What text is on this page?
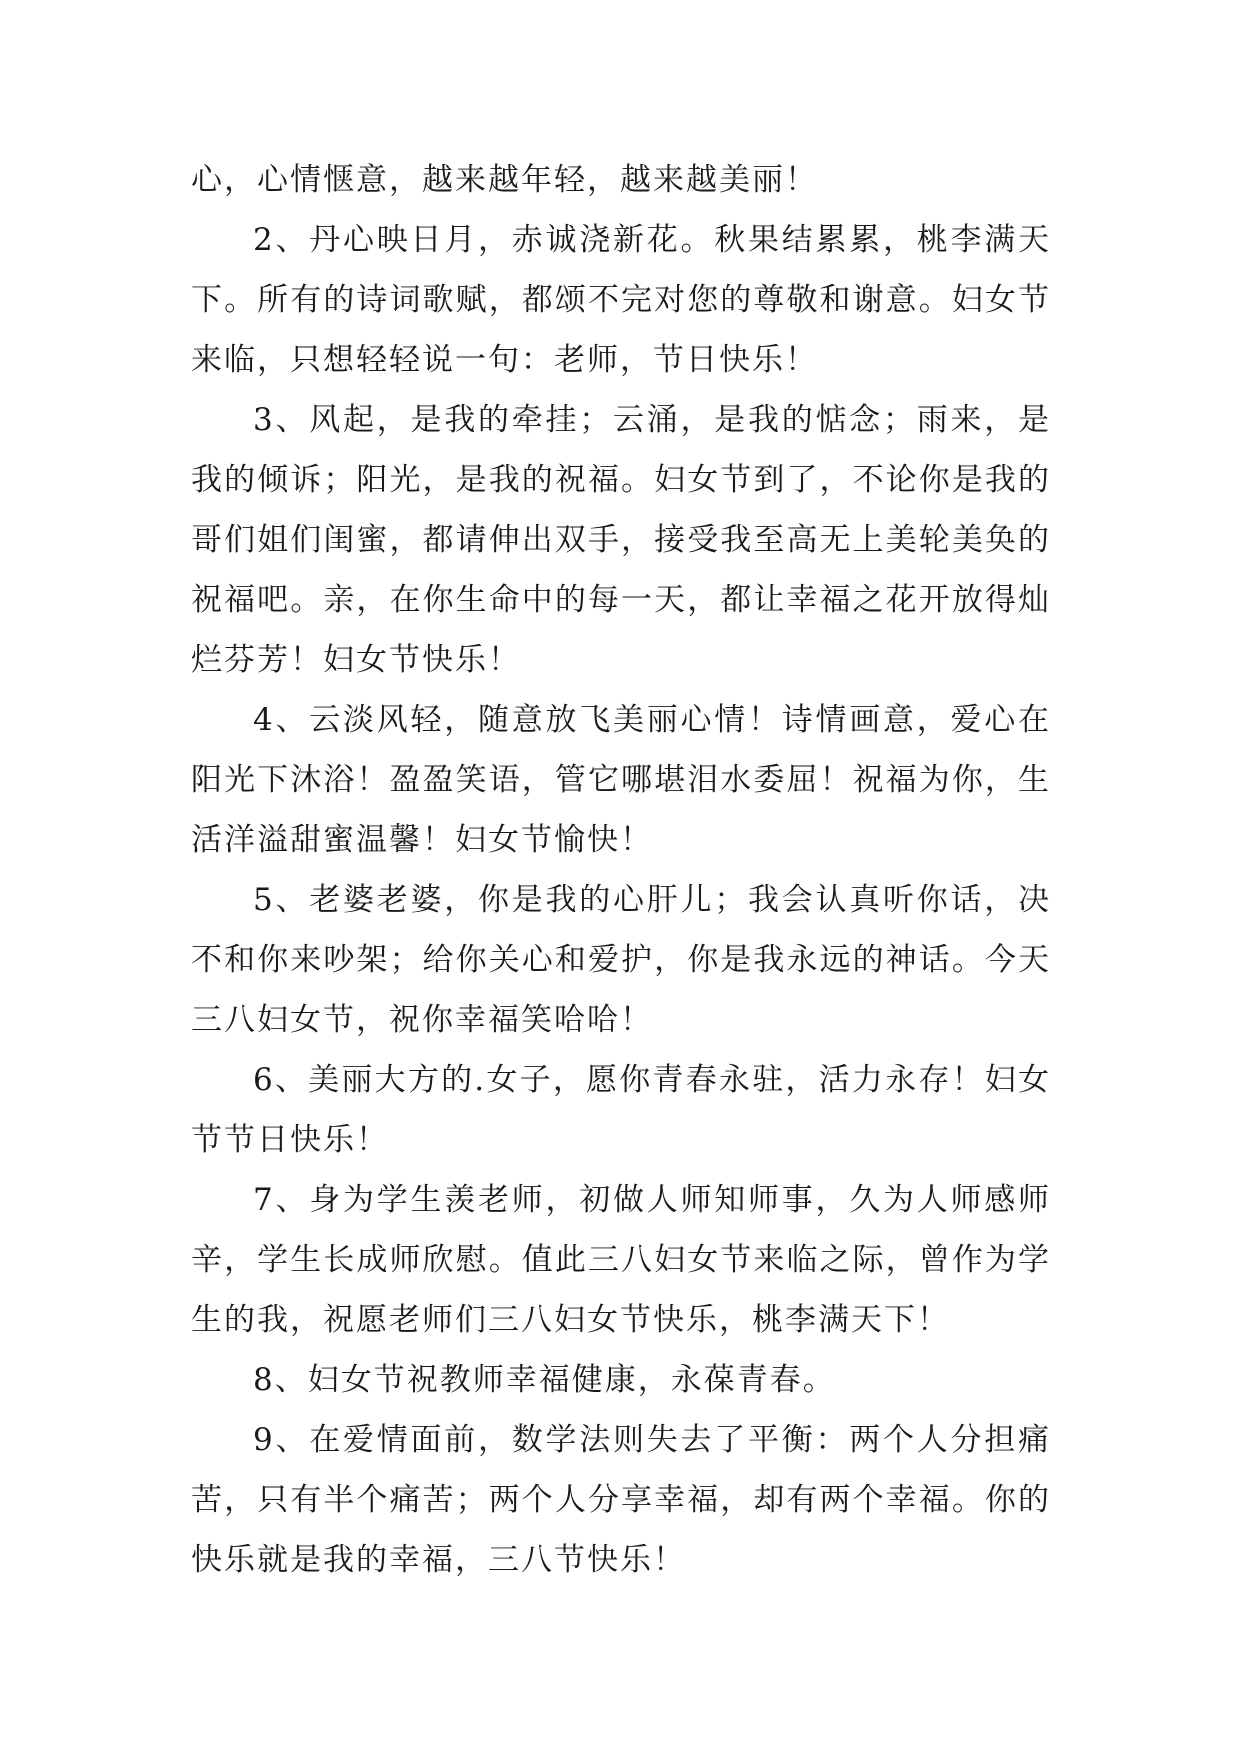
心，心情惬意，越来越年轻，越来越美丽！

2、丹心映日月，赤诚浇新花。秋果结累累，桃李满天下。所有的诗词歌赋，都颂不完对您的尊敬和谢意。妇女节来临，只想轻轻说一句：老师，节日快乐！

3、风起，是我的牵挂；云涌，是我的惦念；雨来，是我的倾诉；阳光，是我的祝福。妇女节到了，不论你是我的哥们姐们闺蜜，都请伸出双手，接受我至高无上美轮美奂的祝福吧。亲，在你生命中的每一天，都让幸福之花开放得灿烂芬芳！妇女节快乐！

4、云淡风轻，随意放飞美丽心情！诗情画意，爱心在阳光下沐浴！盈盈笑语，管它哪堪泪水委屈！祝福为你，生活洋溢甜蜜温馨！妇女节愉快！

5、老婆老婆，你是我的心肝儿；我会认真听你话，决不和你来吵架；给你关心和爱护，你是我永远的神话。今天三八妇女节，祝你幸福笑哈哈！

6、美丽大方的.女子，愿你青春永驻，活力永存！妇女节节日快乐！

7、身为学生羡老师，初做人师知师事，久为人师感师辛，学生长成师欣慰。值此三八妇女节来临之际，曾作为学生的我，祝愿老师们三八妇女节快乐，桃李满天下！

8、妇女节祝教师幸福健康，永葆青春。

9、在爱情面前，数学法则失去了平衡：两个人分担痛苦，只有半个痛苦；两个人分享幸福，却有两个幸福。你的快乐就是我的幸福，三八节快乐！
